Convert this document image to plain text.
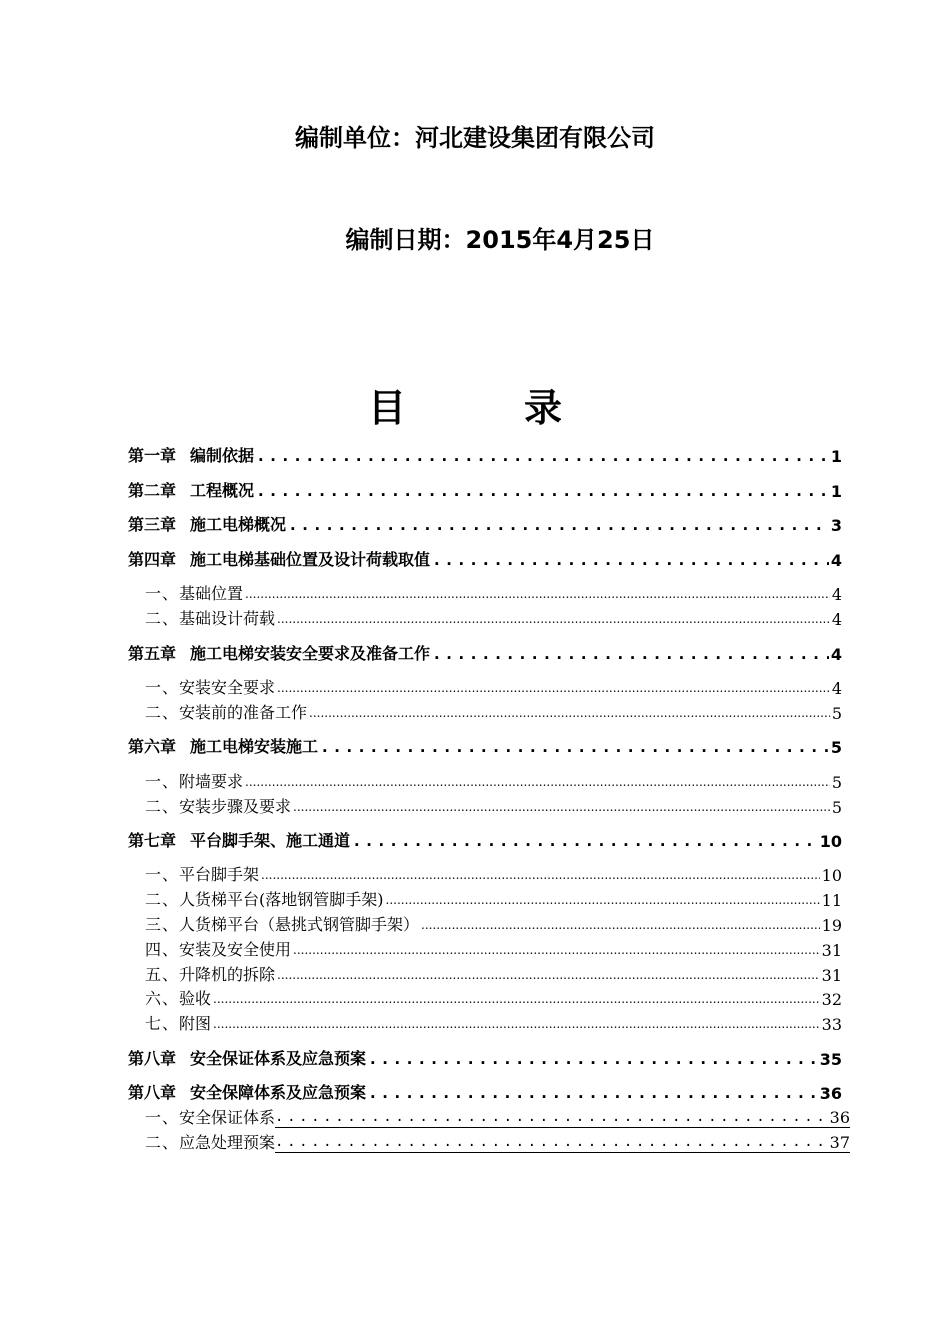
编制单位：河北建设集团有限公司
编制日期：2015年4月25日
目　录
第一章 编制依据 .....	1
第二章 工程概况 .....	1
第三章 施工电梯概况 .....	3
第四章 施工电梯基础位置及设计荷载取值 .....	4
一、基础位置 .....	4
二、基础设计荷载 .....	4
第五章 施工电梯安装安全要求及准备工作 .....	4
一、安装安全要求 .....	4
二、安装前的准备工作 .....	5
第六章 施工电梯安装施工 .....	5
一、附墙要求 .....	5
二、安装步骤及要求 .....	5
第七章 平台脚手架、施工通道 .....	10
一、平台脚手架 .....	10
二、人货梯平台(落地钢管脚手架) .....	11
三、人货梯平台（悬挑式钢管脚手架） .....	19
四、安装及安全使用 .....	31
五、升降机的拆除 .....	31
六、验收 .....	32
七、附图 .....	33
第八章 安全保证体系及应急预案 .....	35
第八章 安全保障体系及应急预案 .....	36
一、安全保证体系 .....	36
二、应急处理预案 .....	37
